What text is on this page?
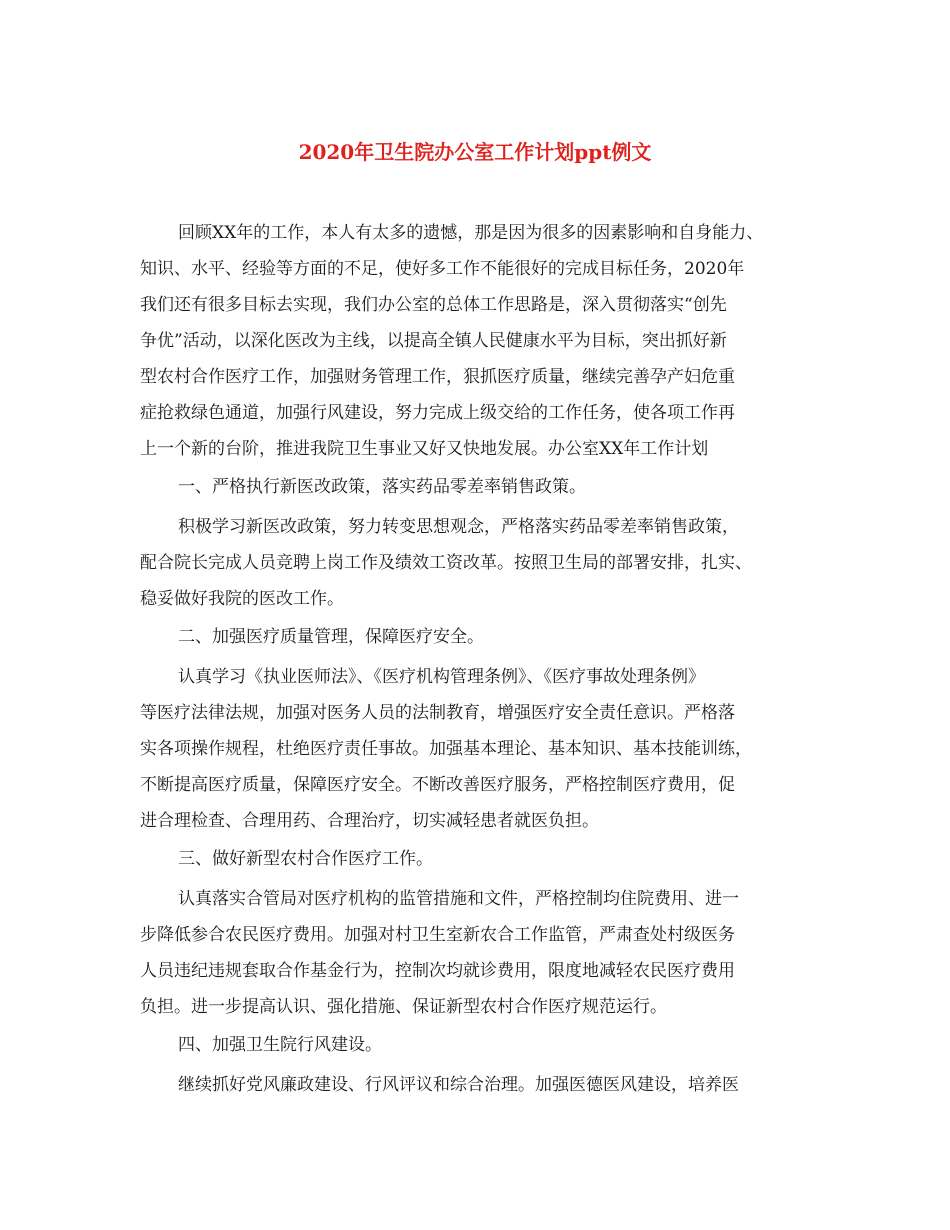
2020年卫生院办公室工作计划ppt例文
回顾XX年的工作，本人有太多的遗憾，那是因为很多的因素影响和自身能力、
知识、水平、经验等方面的不足，使好多工作不能很好的完成目标任务，2020年
我们还有很多目标去实现，我们办公室的总体工作思路是，深入贯彻落实“创先
争优”活动，以深化医改为主线，以提高全镇人民健康水平为目标，突出抓好新
型农村合作医疗工作，加强财务管理工作，狠抓医疗质量，继续完善孕产妇危重
症抢救绿色通道，加强行风建设，努力完成上级交给的工作任务，使各项工作再
上一个新的台阶，推进我院卫生事业又好又快地发展。办公室XX年工作计划
一、严格执行新医改政策，落实药品零差率销售政策。
积极学习新医改政策，努力转变思想观念，严格落实药品零差率销售政策，
配合院长完成人员竞聘上岗工作及绩效工资改革。按照卫生局的部署安排，扎实、
稳妥做好我院的医改工作。
二、加强医疗质量管理，保障医疗安全。
认真学习《执业医师法》、《医疗机构管理条例》、《医疗事故处理条例》
等医疗法律法规，加强对医务人员的法制教育，增强医疗安全责任意识。严格落
实各项操作规程，杜绝医疗责任事故。加强基本理论、基本知识、基本技能训练，
不断提高医疗质量，保障医疗安全。不断改善医疗服务，严格控制医疗费用，促
进合理检查、合理用药、合理治疗，切实减轻患者就医负担。
三、做好新型农村合作医疗工作。
认真落实合管局对医疗机构的监管措施和文件，严格控制均住院费用、进一
步降低参合农民医疗费用。加强对村卫生室新农合工作监管，严肃查处村级医务
人员违纪违规套取合作基金行为，控制次均就诊费用，限度地减轻农民医疗费用
负担。进一步提高认识、强化措施、保证新型农村合作医疗规范运行。
四、加强卫生院行风建设。
继续抓好党风廉政建设、行风评议和综合治理。加强医德医风建设，培养医
